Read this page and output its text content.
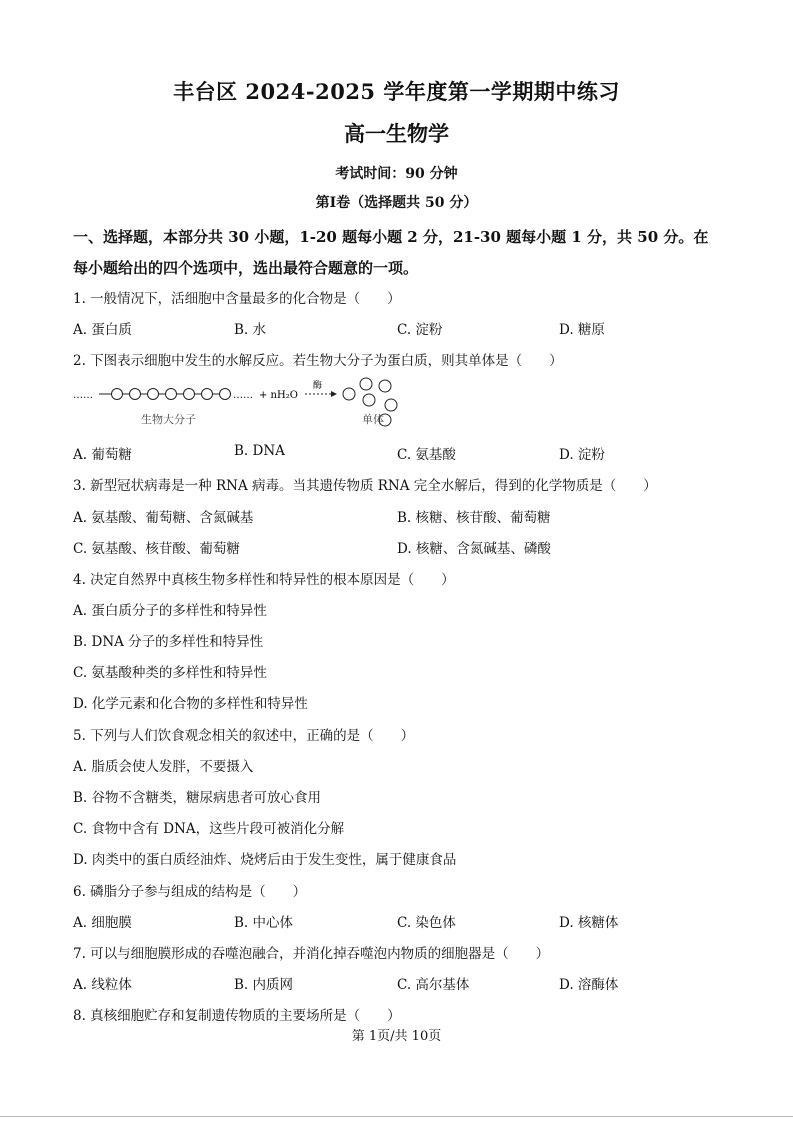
丰台区 2024-2025 学年度第一学期期中练习
高一生物学
考试时间：90 分钟
第Ⅰ卷（选择题共 50 分）
一、选择题，本部分共 30 小题，1-20 题每小题 2 分，21-30 题每小题 1 分，共 50 分。在每小题给出的四个选项中，选出最符合题意的一项。
1. 一般情况下，活细胞中含量最多的化合物是（　　）
A. 蛋白质	B. 水	C. 淀粉	D. 糖原
2. 下图表示细胞中发生的水解反应。若生物大分子为蛋白质，则其单体是（　　）
……	…… + nH₂O
酶
生物大分子	单体
A. 葡萄糖	B. DNA	C. 氨基酸	D. 淀粉
3. 新型冠状病毒是一种 RNA 病毒。当其遗传物质 RNA 完全水解后，得到的化学物质是（　　）
A. 氨基酸、葡萄糖、含氮碱基	B. 核糖、核苷酸、葡萄糖
C. 氨基酸、核苷酸、葡萄糖	D. 核糖、含氮碱基、磷酸
4. 决定自然界中真核生物多样性和特异性的根本原因是（　　）
A. 蛋白质分子的多样性和特异性
B. DNA 分子的多样性和特异性
C. 氨基酸种类的多样性和特异性
D. 化学元素和化合物的多样性和特异性
5. 下列与人们饮食观念相关的叙述中，正确的是（　　）
A. 脂质会使人发胖，不要摄入
B. 谷物不含糖类，糖尿病患者可放心食用
C. 食物中含有 DNA，这些片段可被消化分解
D. 肉类中的蛋白质经油炸、烧烤后由于发生变性，属于健康食品
6. 磷脂分子参与组成的结构是（　　）
A. 细胞膜	B. 中心体	C. 染色体	D. 核糖体
7. 可以与细胞膜形成的吞噬泡融合，并消化掉吞噬泡内物质的细胞器是（　　）
A. 线粒体	B. 内质网	C. 高尔基体	D. 溶酶体
8. 真核细胞贮存和复制遗传物质的主要场所是（　　）
第 1页/共 10页
